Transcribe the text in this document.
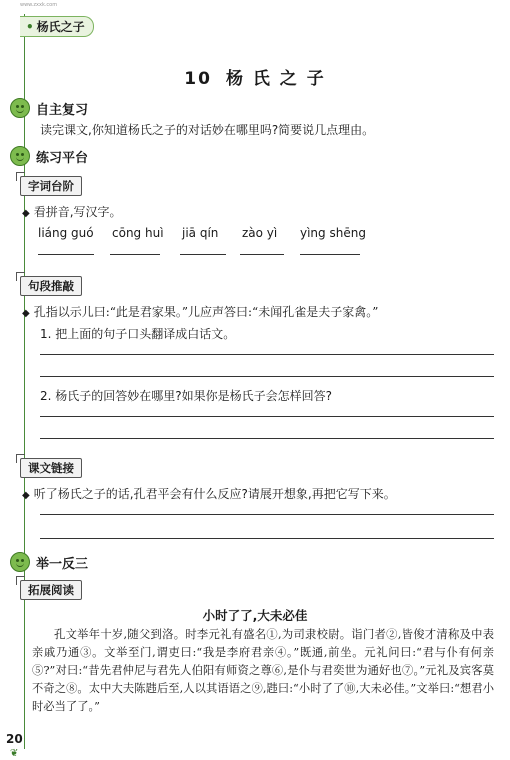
www.zxxk.com
• 杨氏之子
10 杨 氏 之 子
自主复习
读完课文,你知道杨氏之子的对话妙在哪里吗?简要说几点理由。
练习平台
字词台阶
◆ 看拼音,写汉字。
liáng guó cōng huì jiā qín zào yì yìng shēng
句段推敲
◆ 孔指以示儿曰:“此是君家果。”儿应声答曰:“未闻孔雀是夫子家禽。”
1. 把上面的句子口头翻译成白话文。
2. 杨氏子的回答妙在哪里?如果你是杨氏子会怎样回答?
课文链接
◆ 听了杨氏之子的话,孔君平会有什么反应?请展开想象,再把它写下来。
举一反三
拓展阅读
小时了了,大未必佳
孔文举年十岁,随父到洛。时李元礼有盛名①,为司隶校尉。诣门者②,皆俊才清称及中表亲戚乃通③。文举至门,谓吏曰:“我是李府君亲④。”既通,前坐。元礼问曰:“君与仆有何亲⑤?”对曰:“昔先君仲尼与君先人伯阳有师资之尊⑥,是仆与君奕世为通好也⑦。”元礼及宾客莫不奇之⑧。太中大夫陈韪后至,人以其语语之⑨,韪曰:“小时了了⑩,大未必佳。”文举曰:“想君小时必当了了。”
20
❦
